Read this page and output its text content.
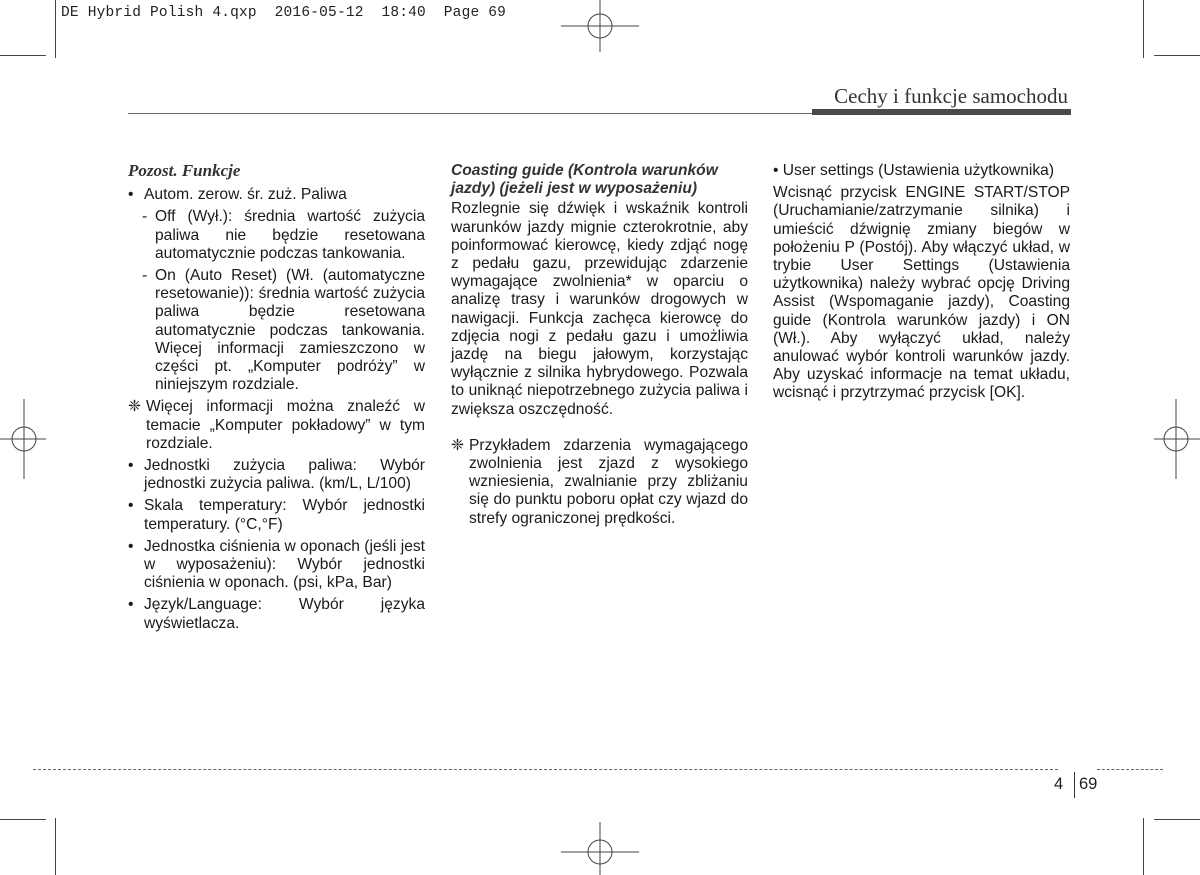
DE Hybrid Polish 4.qxp  2016-05-12  18:40  Page 69
Cechy i funkcje samochodu

Pozost. Funkcje

• Autom. zerow. śr. zuż. Paliwa
- Off (Wył.): średnia wartość zużycia paliwa nie będzie resetowana automatycznie podczas tankowania.
- On (Auto Reset) (Wł. (automatyczne resetowanie)): średnia wartość zużycia paliwa będzie resetowana automatycznie podczas tankowania. Więcej informacji zamieszczono w części pt. „Komputer podróży” w niniejszym rozdziale.
❈ Więcej informacji można znaleźć w temacie „Komputer pokładowy” w tym rozdziale.
• Jednostki zużycia paliwa: Wybór jednostki zużycia paliwa. (km/L, L/100)
• Skala temperatury: Wybór jednostki temperatury. (°C,°F)
• Jednostka ciśnienia w oponach (jeśli jest w wyposażeniu): Wybór jednostki ciśnienia w oponach. (psi, kPa, Bar)
• Język/Language: Wybór języka wyświetlacza.

Coasting guide (Kontrola warunków jazdy) (jeżeli jest w wyposażeniu)

Rozlegnie się dźwięk i wskaźnik kontroli warunków jazdy mignie czterokrotnie, aby poinformować kierowcę, kiedy zdjąć nogę z pedału gazu, przewidując zdarzenie wymagające zwolnienia* w oparciu o analizę trasy i warunków drogowych w nawigacji. Funkcja zachęca kierowcę do zdjęcia nogi z pedału gazu i umożliwia jazdę na biegu jałowym, korzystając wyłącznie z silnika hybrydowego. Pozwala to uniknąć niepotrzebnego zużycia paliwa i zwiększa oszczędność.

❈ Przykładem zdarzenia wymagającego zwolnienia jest zjazd z wysokiego wzniesienia, zwalnianie przy zbliżaniu się do punktu poboru opłat czy wjazd do strefy ograniczonej prędkości.

• User settings (Ustawienia użytkownika)

Wcisnąć przycisk ENGINE START/STOP (Uruchamianie/zatrzymanie silnika) i umieścić dźwignię zmiany biegów w położeniu P (Postój). Aby włączyć układ, w trybie User Settings (Ustawienia użytkownika) należy wybrać opcję Driving Assist (Wspomaganie jazdy), Coasting guide (Kontrola warunków jazdy) i ON (Wł.). Aby wyłączyć układ, należy anulować wybór kontroli warunków jazdy. Aby uzyskać informacje na temat układu, wcisnąć i przytrzymać przycisk [OK].

4 69
